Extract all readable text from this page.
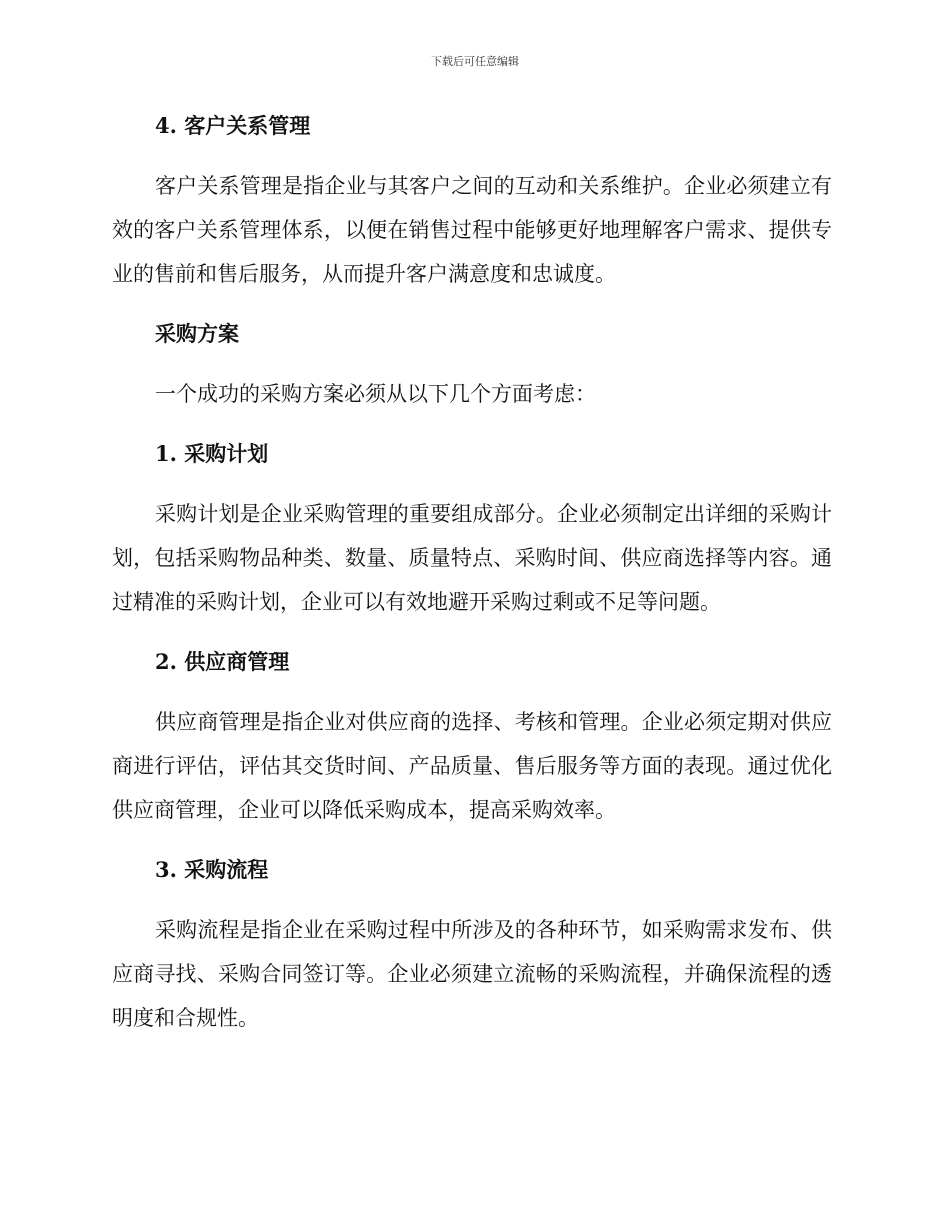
下载后可任意编辑
4. 客户关系管理
客户关系管理是指企业与其客户之间的互动和关系维护。企业必须建立有效的客户关系管理体系，以便在销售过程中能够更好地理解客户需求、提供专业的售前和售后服务，从而提升客户满意度和忠诚度。
采购方案
一个成功的采购方案必须从以下几个方面考虑：
1. 采购计划
采购计划是企业采购管理的重要组成部分。企业必须制定出详细的采购计划，包括采购物品种类、数量、质量特点、采购时间、供应商选择等内容。通过精准的采购计划，企业可以有效地避开采购过剩或不足等问题。
2. 供应商管理
供应商管理是指企业对供应商的选择、考核和管理。企业必须定期对供应商进行评估，评估其交货时间、产品质量、售后服务等方面的表现。通过优化供应商管理，企业可以降低采购成本，提高采购效率。
3. 采购流程
采购流程是指企业在采购过程中所涉及的各种环节，如采购需求发布、供应商寻找、采购合同签订等。企业必须建立流畅的采购流程，并确保流程的透明度和合规性。
